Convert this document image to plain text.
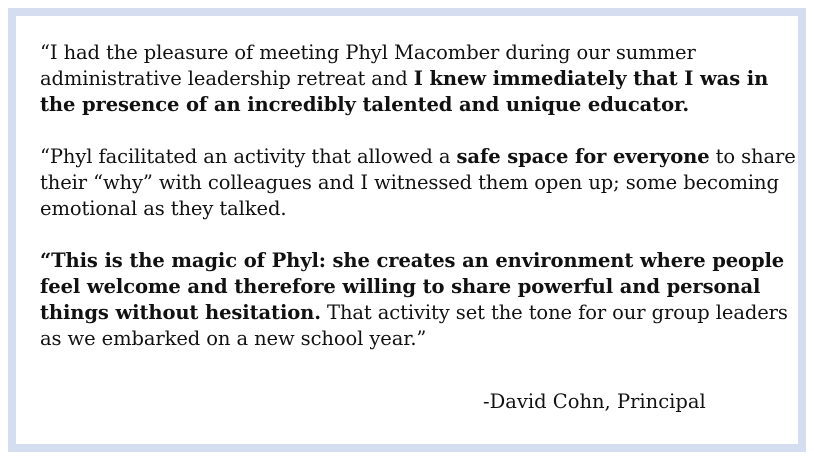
“I had the pleasure of meeting Phyl Macomber during our summer administrative leadership retreat and I knew immediately that I was in the presence of an incredibly talented and unique educator.

“Phyl facilitated an activity that allowed a safe space for everyone to share their “why” with colleagues and I witnessed them open up; some becoming emotional as they talked.

“This is the magic of Phyl: she creates an environment where people feel welcome and therefore willing to share powerful and personal things without hesitation. That activity set the tone for our group leaders as we embarked on a new school year.”

-David Cohn, Principal
